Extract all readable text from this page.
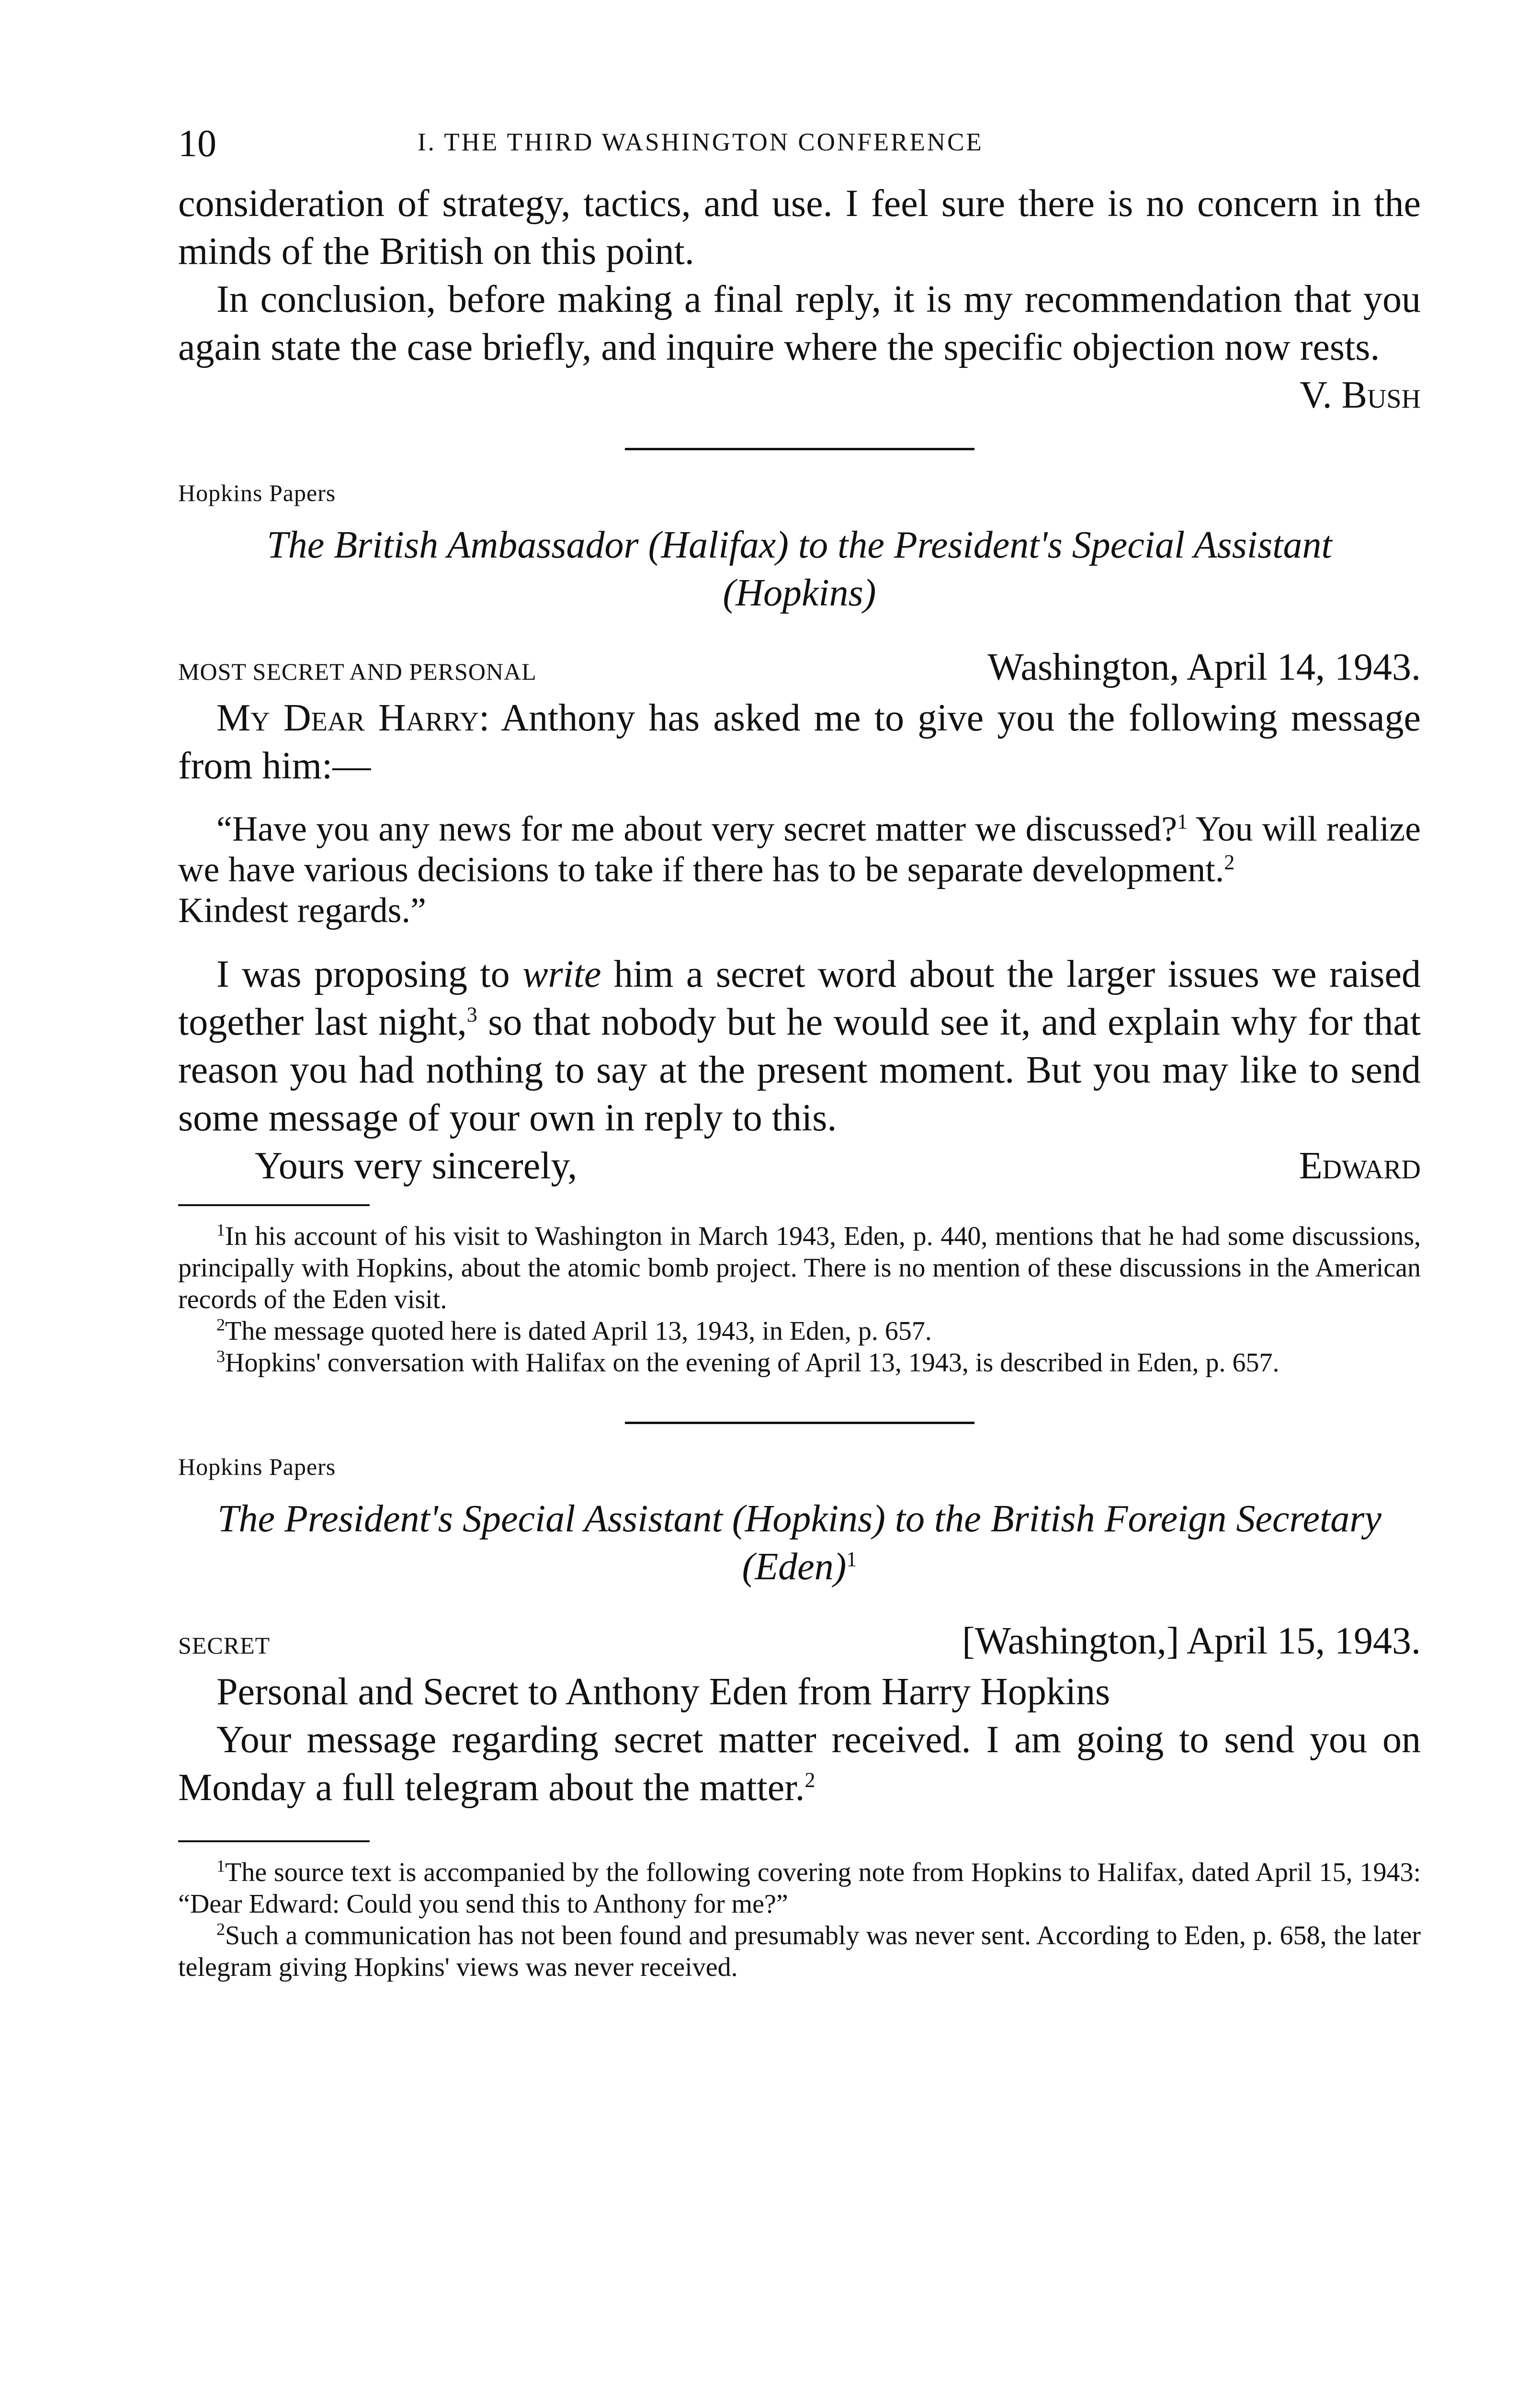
10	I. THE THIRD WASHINGTON CONFERENCE

consideration of strategy, tactics, and use. I feel sure there is no concern in the minds of the British on this point.

In conclusion, before making a final reply, it is my recommendation that you again state the case briefly, and inquire where the specific objection now rests.

V. Bush

Hopkins Papers

The British Ambassador (Halifax) to the President's Special Assistant (Hopkins)

MOST SECRET AND PERSONAL	Washington, April 14, 1943.

My Dear Harry: Anthony has asked me to give you the following message from him:—

“Have you any news for me about very secret matter we discussed?$^1$ You will realize we have various decisions to take if there has to be separate development.$^2$
Kindest regards.”

I was proposing to write him a secret word about the larger issues we raised together last night,$^3$ so that nobody but he would see it, and explain why for that reason you had nothing to say at the present moment. But you may like to send some message of your own in reply to this.

Yours very sincerely,	Edward

$^1$In his account of his visit to Washington in March 1943, Eden, p. 440, mentions that he had some discussions, principally with Hopkins, about the atomic bomb project. There is no mention of these discussions in the American records of the Eden visit.

$^2$The message quoted here is dated April 13, 1943, in Eden, p. 657.

$^3$Hopkins' conversation with Halifax on the evening of April 13, 1943, is described in Eden, p. 657.

Hopkins Papers

The President's Special Assistant (Hopkins) to the British Foreign Secretary (Eden)$^1$

SECRET	[Washington,] April 15, 1943.

Personal and Secret to Anthony Eden from Harry Hopkins

Your message regarding secret matter received. I am going to send you on Monday a full telegram about the matter.$^2$

$^1$The source text is accompanied by the following covering note from Hopkins to Halifax, dated April 15, 1943: “Dear Edward: Could you send this to Anthony for me?”

$^2$Such a communication has not been found and presumably was never sent. According to Eden, p. 658, the later telegram giving Hopkins' views was never received.
